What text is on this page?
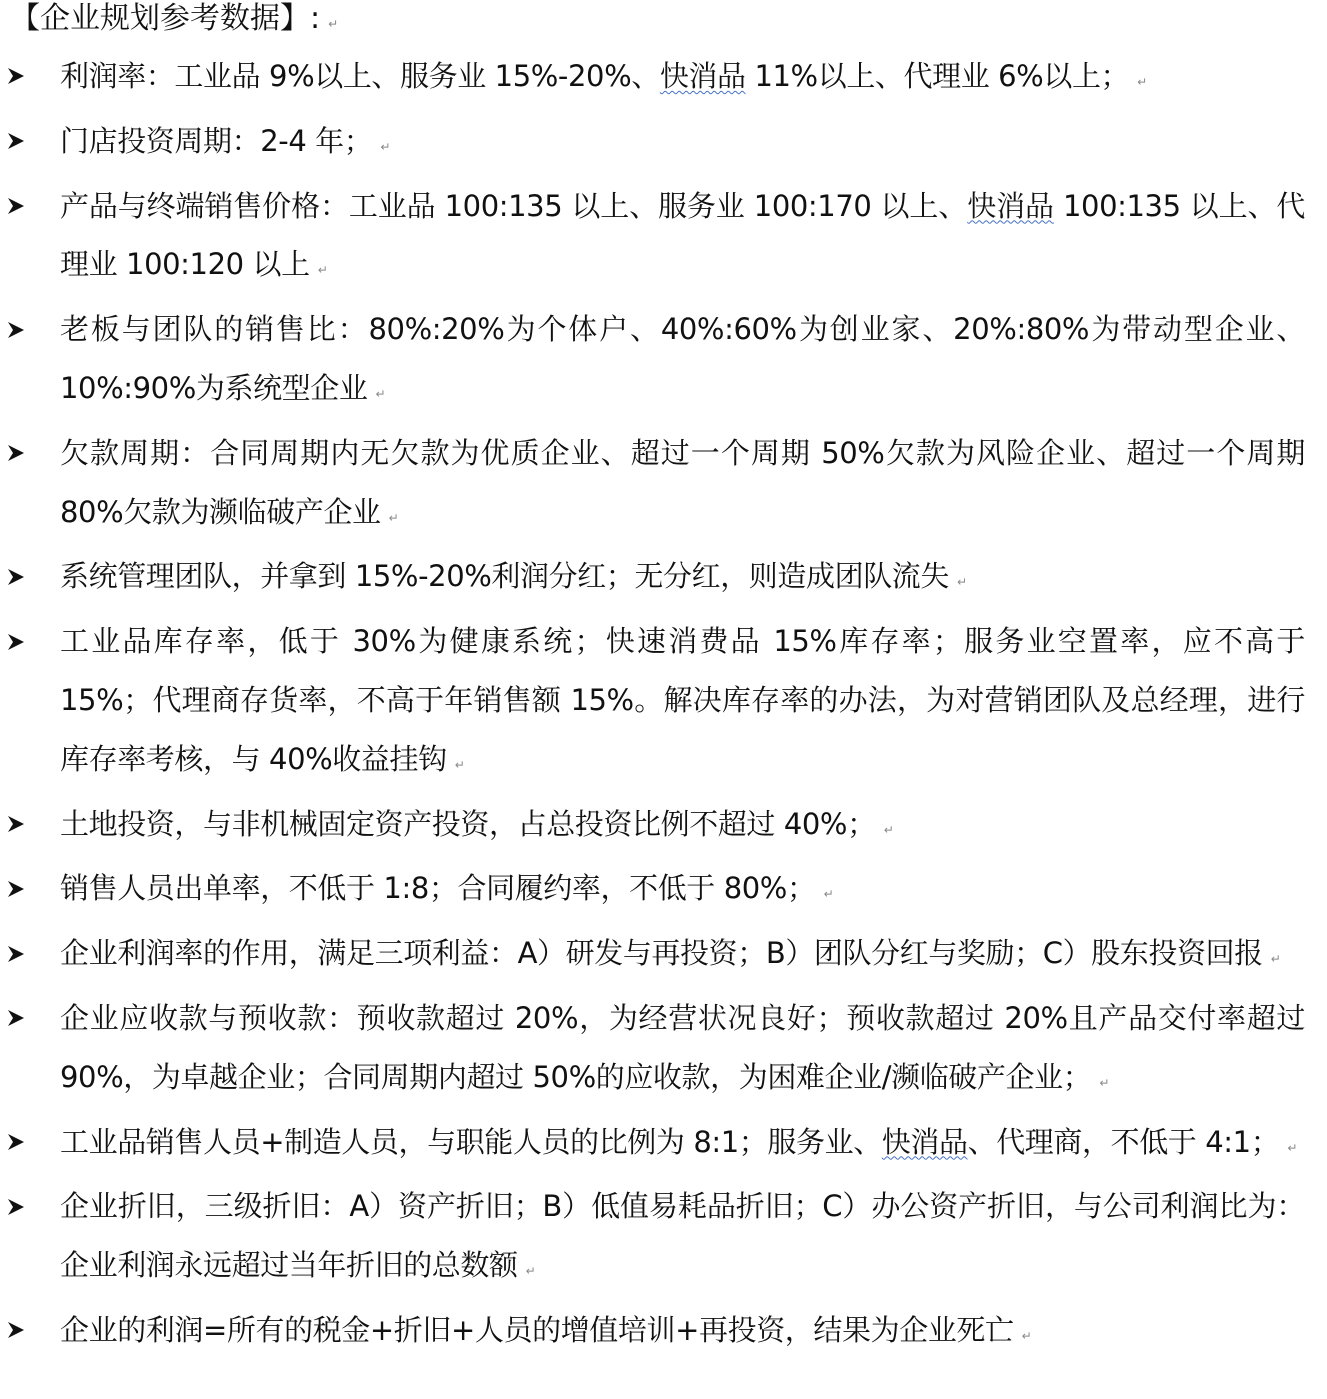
【企业规划参考数据】: ↵
利润率：工业品 9%以上、服务业 15%-20%、快消品 11%以上、代理业 6%以上； ↵
门店投资周期：2-4 年； ↵
产品与终端销售价格：工业品 100:135 以上、服务业 100:170 以上、快消品 100:135 以上、代理业 100:120 以上 ↵
老板与团队的销售比：80%:20%为个体户、40%:60%为创业家、20%:80%为带动型企业、10%:90%为系统型企业 ↵
欠款周期：合同周期内无欠款为优质企业、超过一个周期 50%欠款为风险企业、超过一个周期 80%欠款为濒临破产企业 ↵
系统管理团队，并拿到 15%-20%利润分红；无分红，则造成团队流失 ↵
工业品库存率，低于 30%为健康系统；快速消费品 15%库存率；服务业空置率，应不高于 15%；代理商存货率，不高于年销售额 15%。解决库存率的办法，为对营销团队及总经理，进行库存率考核，与 40%收益挂钩 ↵
土地投资，与非机械固定资产投资，占总投资比例不超过 40%； ↵
销售人员出单率，不低于 1:8；合同履约率，不低于 80%； ↵
企业利润率的作用，满足三项利益：A）研发与再投资；B）团队分红与奖励；C）股东投资回报 ↵
企业应收款与预收款：预收款超过 20%，为经营状况良好；预收款超过 20%且产品交付率超过 90%，为卓越企业；合同周期内超过 50%的应收款，为困难企业/濒临破产企业； ↵
工业品销售人员+制造人员，与职能人员的比例为 8:1；服务业、快消品、代理商，不低于 4:1； ↵
企业折旧，三级折旧：A）资产折旧；B）低值易耗品折旧；C）办公资产折旧，与公司利润比为：企业利润永远超过当年折旧的总数额 ↵
企业的利润=所有的税金+折旧+人员的增值培训+再投资，结果为企业死亡 ↵
